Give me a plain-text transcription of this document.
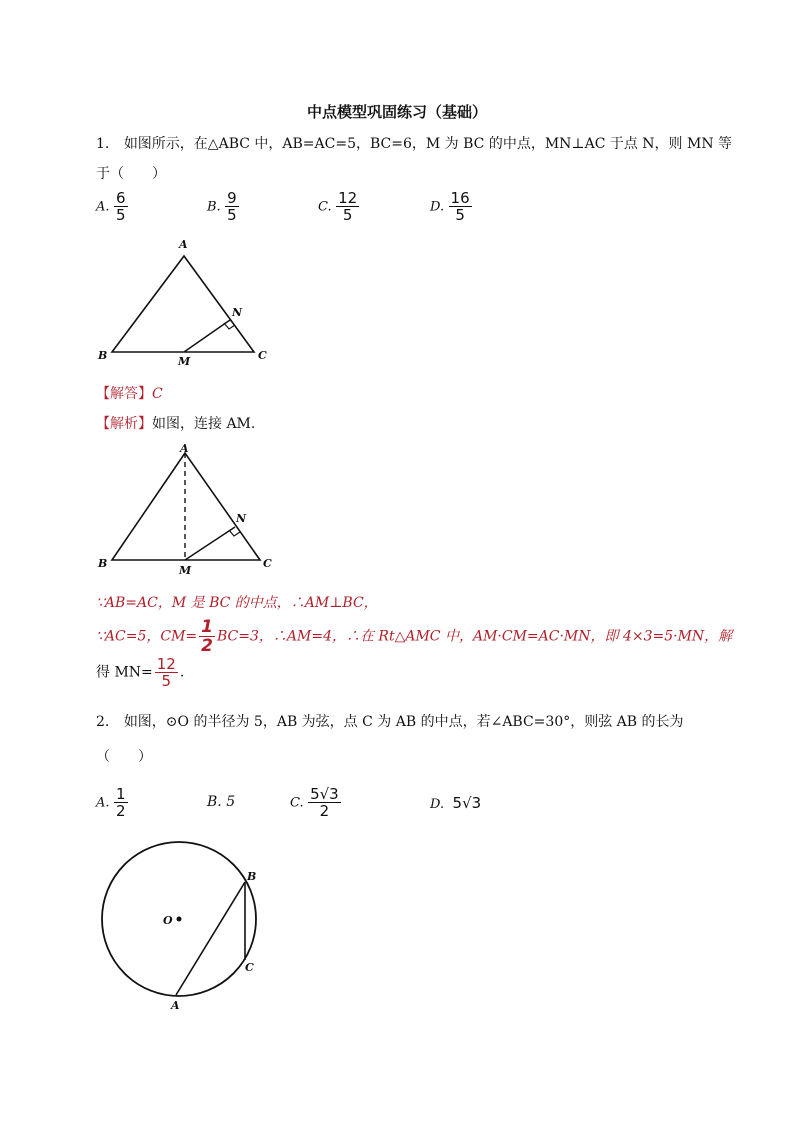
中点模型巩固练习（基础）
1. 如图所示，在△ABC 中，AB=AC=5，BC=6，M 为 BC 的中点，MN⊥AC 于点 N，则 MN 等
于（　　）
A. $\frac{6}{5}$	B. $\frac{9}{5}$	C. $\frac{12}{5}$	D. $\frac{16}{5}$
A
B	C
M
N
【解答】C
【解析】如图，连接 AM.
A
B	C
M
N
∵AB=AC，M 是 BC 的中点，∴AM⊥BC，
∵AC=5，$CM= \frac{1}{2} BC=3$，∴AM=4，∴在 Rt△AMC 中，AM·CM=AC·MN，即 4×3=5·MN，解
得 $MN= \frac{12}{5}$ .
2. 如图，⊙O 的半径为 5，AB 为弦，点 C 为 AB 的中点，若∠ABC=30°，则弦 AB 的长为
（　　）
A. $\frac{1}{2}$	B. 5	C. $\frac{5√3}{2}$	D. 5√3
O
A
B
C
